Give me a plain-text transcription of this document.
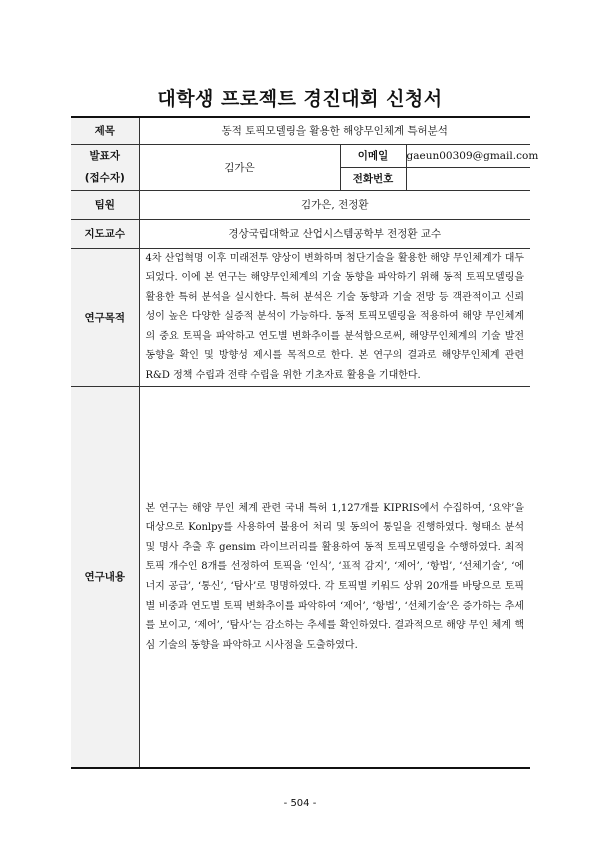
대학생 프로젝트 경진대회 신청서
제목	동적 토픽모델링을 활용한 해양무인체계 특허분석		

발표자
(접수자)	김가은	이메일	gaeun00309@gmail.com
		전화번호	
팀원	김가은, 전정환		
지도교수	경상국립대학교 산업시스템공학부 전정환 교수		
연구목적	4차 산업혁명 이후 미래전투 양상이 변화하며 첨단기술을 활용한 해양 무인체계가 대두되었다. 이에 본 연구는 해양무인체계의 기술 동향을 파악하기 위해 동적 토픽모델링을 활용한 특허 분석을 실시한다. 특허 분석은 기술 동향과 기술 전망 등 객관적이고 신뢰성이 높은 다양한 실증적 분석이 가능하다. 동적 토픽모델링을 적용하여 해양 무인체계의 중요 토픽을 파악하고 연도별 변화추이를 분석함으로써, 해양무인체계의 기술 발전동향을 확인 및 방향성 제시를 목적으로 한다. 본 연구의 결과로 해양무인체계 관련 R&D 정책 수립과 전략 수립을 위한 기초자료 활용을 기대한다.		

연구내용	본 연구는 해양 무인 체계 관련 국내 특허 1,127개를 KIPRIS에서 수집하여, ‘요약’을 대상으로 Konlpy를 사용하여 불용어 처리 및 동의어 통일을 진행하였다. 형태소 분석 및 명사 추출 후 gensim 라이브러리를 활용하여 동적 토픽모델링을 수행하였다. 최적 토픽 개수인 8개를 선정하여 토픽을 ‘인식’, ‘표적 감지’, ‘제어’, ‘항법’, ‘선체기술’, ‘에너지 공급’, ‘통신’, ‘탐사’로 명명하였다. 각 토픽별 키워드 상위 20개를 바탕으로 토픽별 비중과 연도별 토픽 변화추이를 파악하여 ‘제어’, ‘항법’, ‘선체기술’은 증가하는 추세를 보이고, ‘제어’, ‘탐사’는 감소하는 추세를 확인하였다. 결과적으로 해양 무인 체계 핵심 기술의 동향을 파악하고 시사점을 도출하였다.		
- 504 -
